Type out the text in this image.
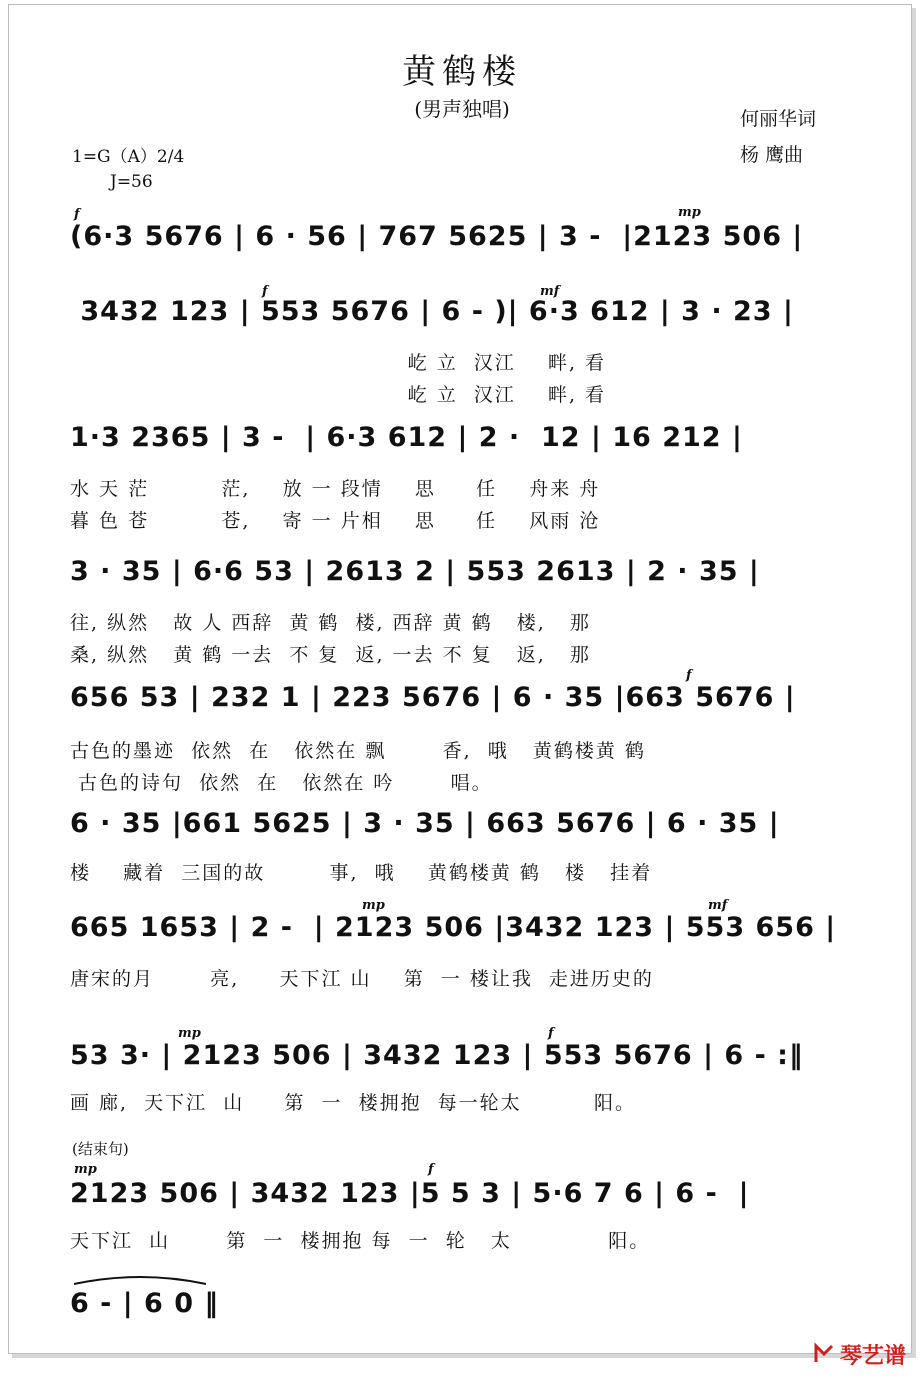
黄鹤楼
(男声独唱)	何丽华词
杨 鹰曲
1=G（A）2/4
J=56
f	mp
(6·3 5676 | 6 · 56 | 767 5625 | 3 -  |2123 506 |
f	mf
3432 123 | 553 5676 | 6 - )| 6·3 612 | 3 · 23 |
屹 立  汉江    畔, 看
屹 立  汉江    畔, 看
1·3 2365 | 3 -  | 6·3 612 | 2 ·  12 | 16 212 |
水 天 茫         茫,    放 一 段情    思     任    舟来 舟
暮 色 苍         苍,    寄 一 片相    思     任    风雨 沧
3 · 35 | 6·6 53 | 2613 2 | 553 2613 | 2 · 35 |
往, 纵然   故 人 西辞  黄 鹤  楼, 西辞 黄 鹤   楼,   那
桑, 纵然   黄 鹤 一去  不 复  返, 一去 不 复   返,   那
f
656 53 | 232 1 | 223 5676 | 6 · 35 |663 5676 |
古色的墨迹  依然  在   依然在 飘       香,  哦   黄鹤楼黄 鹤
古色的诗句  依然  在   依然在 吟       唱。
6 · 35 |661 5625 | 3 · 35 | 663 5676 | 6 · 35 |
楼    藏着  三国的故        事,  哦    黄鹤楼黄 鹤   楼   挂着
mp	mf
665 1653 | 2 -  | 2123 506 |3432 123 | 553 656 |
唐宋的月       亮,     天下江 山    第  一 楼让我  走进历史的
mp	f
53 3· | 2123 506 | 3432 123 | 553 5676 | 6 - :‖
画 廊,  天下江  山     第  一  楼拥抱  每一轮太         阳。
(结束句)
mp	f
2123 506 | 3432 123 |5 5 3 | 5·6 7 6 | 6 -  |
天下江  山       第  一  楼拥抱 每  一  轮   太            阳。
6 - | 6 0 ‖
琴艺谱
